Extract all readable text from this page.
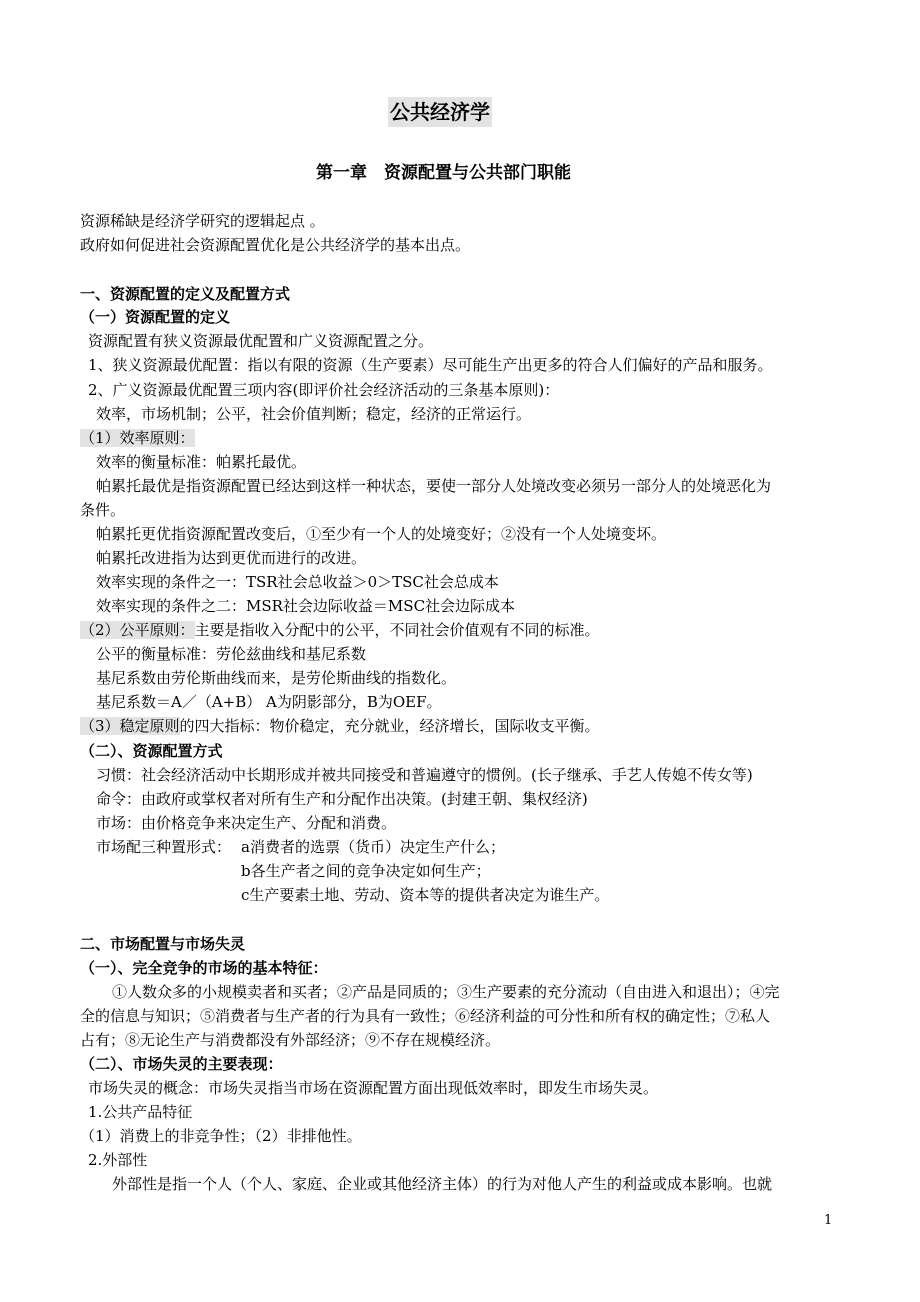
公共经济学
第一章　资源配置与公共部门职能
资源稀缺是经济学研究的逻辑起点 。
政府如何促进社会资源配置优化是公共经济学的基本出点。
一、资源配置的定义及配置方式
（一）资源配置的定义
资源配置有狭义资源最优配置和广义资源配置之分。
1、狭义资源最优配置：指以有限的资源（生产要素）尽可能生产出更多的符合人们偏好的产品和服务。
2、广义资源最优配置三项内容(即评价社会经济活动的三条基本原则)：
效率，市场机制；公平，社会价值判断；稳定，经济的正常运行。
（1）效率原则：
效率的衡量标准：帕累托最优。
帕累托最优是指资源配置已经达到这样一种状态，要使一部分人处境改变必须另一部分人的处境恶化为
条件。
帕累托更优指资源配置改变后，①至少有一个人的处境变好；②没有一个人处境变坏。
帕累托改进指为达到更优而进行的改进。
效率实现的条件之一：TSR社会总收益＞0＞TSC社会总成本
效率实现的条件之二：MSR社会边际收益＝MSC社会边际成本
（2）公平原则：主要是指收入分配中的公平，不同社会价值观有不同的标准。
公平的衡量标准：劳伦兹曲线和基尼系数
基尼系数由劳伦斯曲线而来，是劳伦斯曲线的指数化。
基尼系数＝A／（A+B） A为阴影部分，B为OEF。
（3）稳定原则的四大指标：物价稳定，充分就业，经济增长，国际收支平衡。
（二）、资源配置方式
习惯：社会经济活动中长期形成并被共同接受和普遍遵守的惯例。(长子继承、手艺人传媳不传女等)
命令：由政府或掌权者对所有生产和分配作出决策。(封建王朝、集权经济)
市场：由价格竞争来决定生产、分配和消费。
市场配三种置形式： a消费者的选票（货币）决定生产什么；
b各生产者之间的竞争决定如何生产；
c生产要素土地、劳动、资本等的提供者决定为谁生产。
二、市场配置与市场失灵
（一）、完全竞争的市场的基本特征：
①人数众多的小规模卖者和买者；②产品是同质的；③生产要素的充分流动（自由进入和退出）；④完
全的信息与知识；⑤消费者与生产者的行为具有一致性；⑥经济利益的可分性和所有权的确定性；⑦私人
占有；⑧无论生产与消费都没有外部经济；⑨不存在规模经济。
（二）、市场失灵的主要表现：
市场失灵的概念：市场失灵指当市场在资源配置方面出现低效率时，即发生市场失灵。
1.公共产品特征
（1）消费上的非竞争性；（2）非排他性。
2.外部性
外部性是指一个人（个人、家庭、企业或其他经济主体）的行为对他人产生的利益或成本影响。也就
1
